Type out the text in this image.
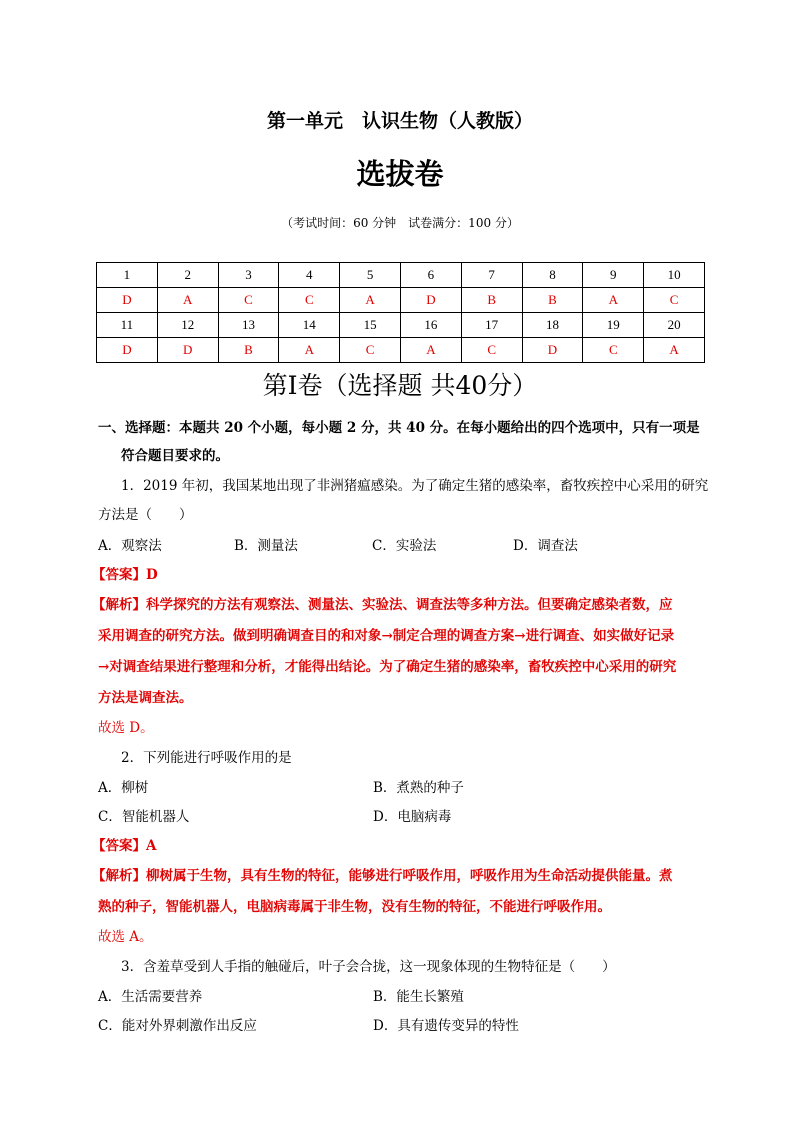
第一单元　认识生物（人教版）
选拔卷
（考试时间：60 分钟　试卷满分：100 分）
1	2	3	4	5	6	7	8	9	10
D	A	C	C	A	D	B	B	A	C
11	12	13	14	15	16	17	18	19	20
D	D	B	A	C	A	C	D	C	A
第Ⅰ卷（选择题 共40分）
一、选择题：本题共 20 个小题，每小题 2 分，共 40 分。在每小题给出的四个选项中，只有一项是
符合题目要求的。
1．2019 年初，我国某地出现了非洲猪瘟感染。为了确定生猪的感染率，畜牧疾控中心采用的研究
方法是（　　）
A．观察法	B．测量法	C．实验法	D．调查法
【答案】D
【解析】科学探究的方法有观察法、测量法、实验法、调查法等多种方法。但要确定感染者数，应
采用调查的研究方法。做到明确调查目的和对象→制定合理的调查方案→进行调查、如实做好记录
→对调查结果进行整理和分析，才能得出结论。为了确定生猪的感染率，畜牧疾控中心采用的研究
方法是调查法。
故选 D。
2．下列能进行呼吸作用的是
A．柳树	B．煮熟的种子
C．智能机器人	D．电脑病毒
【答案】A
【解析】柳树属于生物，具有生物的特征，能够进行呼吸作用，呼吸作用为生命活动提供能量。煮
熟的种子，智能机器人，电脑病毒属于非生物，没有生物的特征，不能进行呼吸作用。
故选 A。
3．含羞草受到人手指的触碰后，叶子会合拢，这一现象体现的生物特征是（　　）
A．生活需要营养	B．能生长繁殖
C．能对外界刺激作出反应	D．具有遗传变异的特性
